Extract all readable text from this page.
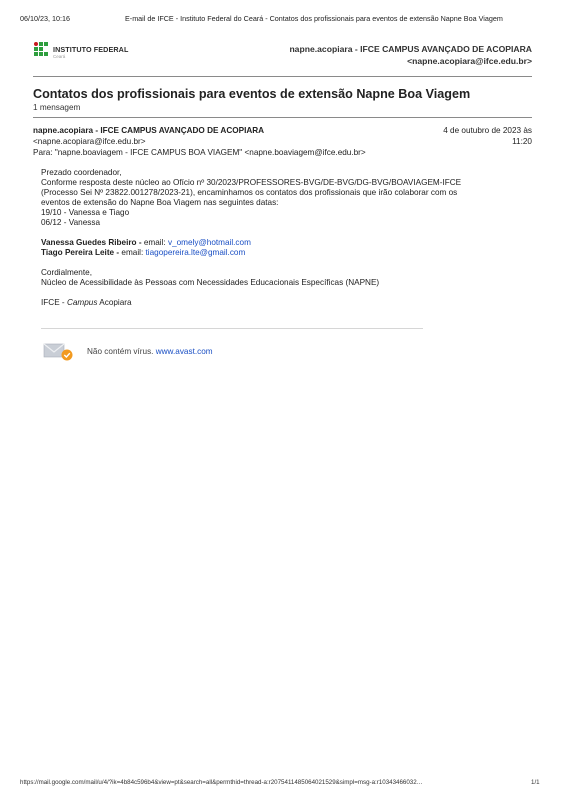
06/10/23, 10:16	E-mail de IFCE - Instituto Federal do Ceará - Contatos dos profissionais para eventos de extensão Napne Boa Viagem
INSTITUTO FEDERAL
Ceará
napne.acopiara - IFCE CAMPUS AVANÇADO DE ACOPIARA
<napne.acopiara@ifce.edu.br>
Contatos dos profissionais para eventos de extensão Napne Boa Viagem
1 mensagem
napne.acopiara - IFCE CAMPUS AVANÇADO DE ACOPIARA
<napne.acopiara@ifce.edu.br>
Para: "napne.boaviagem - IFCE CAMPUS BOA VIAGEM" <napne.boaviagem@ifce.edu.br>
4 de outubro de 2023 às
11:20

Prezado coordenador,

Conforme resposta deste núcleo ao Ofício nº 30/2023/PROFESSORES-BVG/DE-BVG/DG-BVG/BOAVIAGEM-IFCE

(Processo Sei Nº 23822.001278/2023-21), encaminhamos os contatos dos profissionais que irão colaborar com os

eventos de extensão do Napne Boa Viagem nas seguintes datas:

19/10 - Vanessa e Tiago

06/12 - Vanessa

Vanessa Guedes Ribeiro - email: v_omely@hotmail.com

Tiago Pereira Leite - email: tiagopereira.lte@gmail.com

Cordialmente,

Núcleo de Acessibilidade às Pessoas com Necessidades Educacionais Específicas (NAPNE)

IFCE - Campus Acopiara

Não contém vírus. www.avast.com
https://mail.google.com/mail/u/4/?ik=4b84c596b4&view=pt&search=all&permthid=thread-a:r2075411485064021529&simpl=msg-a:r10343466032…	1/1
